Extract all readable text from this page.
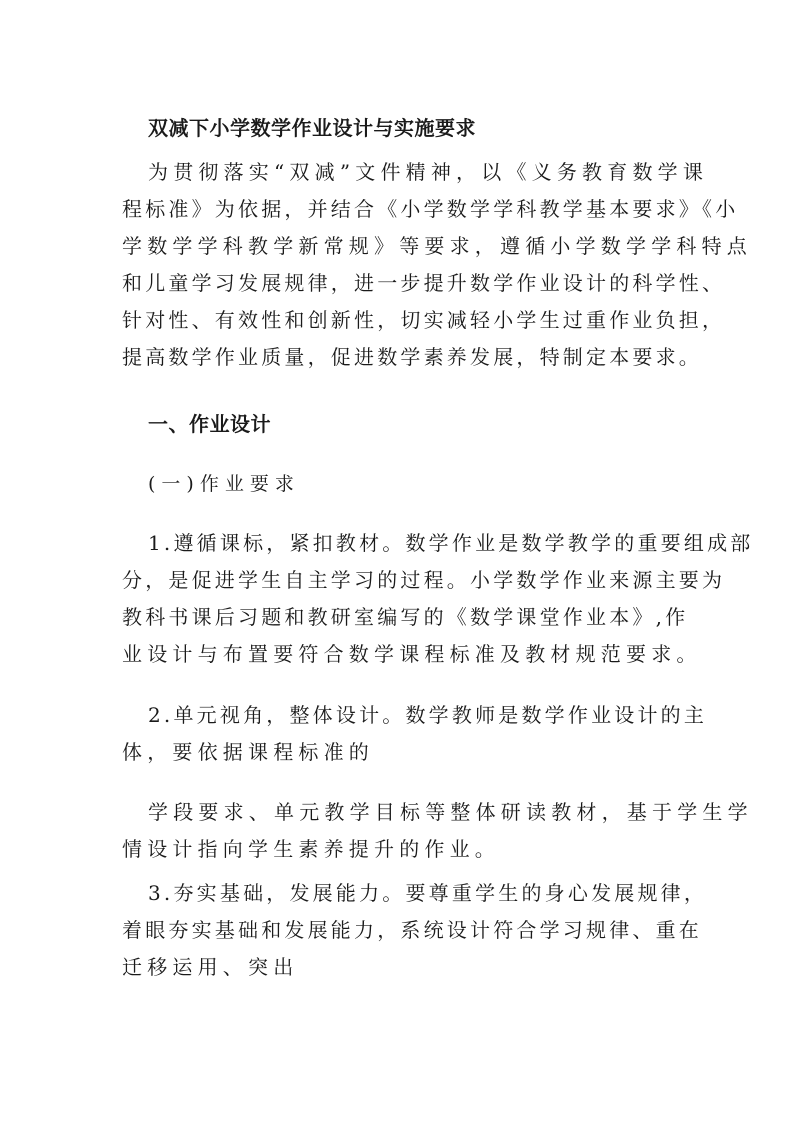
双减下小学数学作业设计与实施要求
为贯彻落实“双减”文件精神，以《义务教育数学课
程标准》为依据，并结合《小学数学学科教学基本要求》《小
学数学学科教学新常规》等要求，遵循小学数学学科特点
和儿童学习发展规律，进一步提升数学作业设计的科学性、
针对性、有效性和创新性，切实减轻小学生过重作业负担，
提高数学作业质量，促进数学素养发展，特制定本要求。
一、作业设计
(一)作业要求
1.遵循课标，紧扣教材。数学作业是数学教学的重要组成部
分，是促进学生自主学习的过程。小学数学作业来源主要为
教科书课后习题和教研室编写的《数学课堂作业本》,作
业设计与布置要符合数学课程标准及教材规范要求。
2.单元视角，整体设计。数学教师是数学作业设计的主
体，要依据课程标准的
学段要求、单元教学目标等整体研读教材，基于学生学
情设计指向学生素养提升的作业。
3.夯实基础，发展能力。要尊重学生的身心发展规律，
着眼夯实基础和发展能力，系统设计符合学习规律、重在
迁移运用、突出
